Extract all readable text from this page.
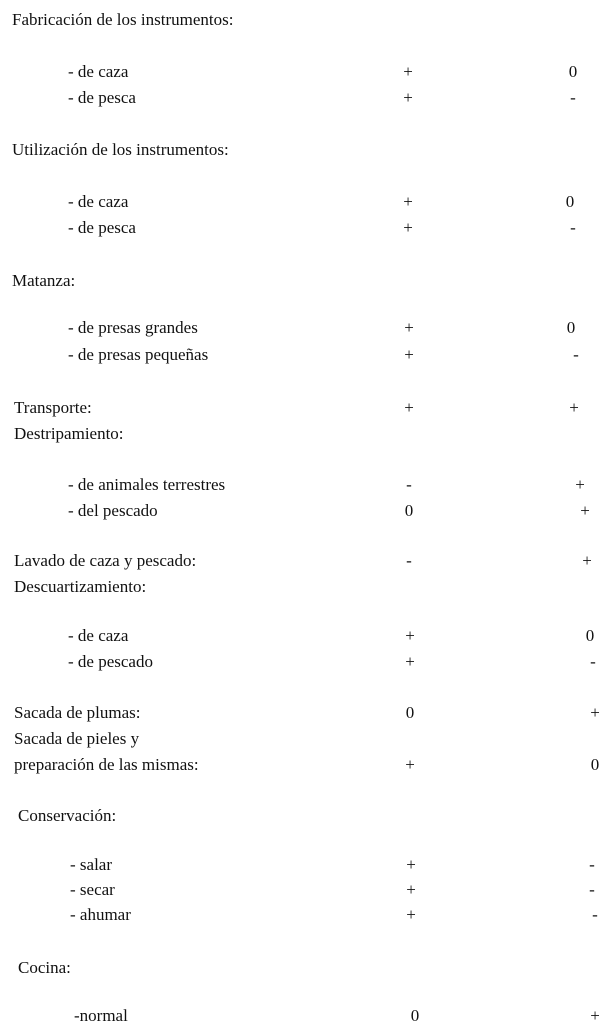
Fabricación de los instrumentos:
- de caza	+	0
- de pesca	+	-
Utilización de los instrumentos:
- de caza	+	0
- de pesca	+	-
Matanza:
- de presas grandes	+	0
- de presas pequeñas	+	-
Transporte:	+	+
Destripamiento:
- de animales terrestres	-	+
- del pescado	0	+
Lavado de caza y pescado:	-	+
Descuartizamiento:
- de caza	+	0
- de pescado	+	-
Sacada de plumas:	0	+
Sacada de pieles y
preparación de las mismas:	+	0
Conservación:
- salar	+	-
- secar	+	-
- ahumar	+	-
Cocina:
-normal	0	+
